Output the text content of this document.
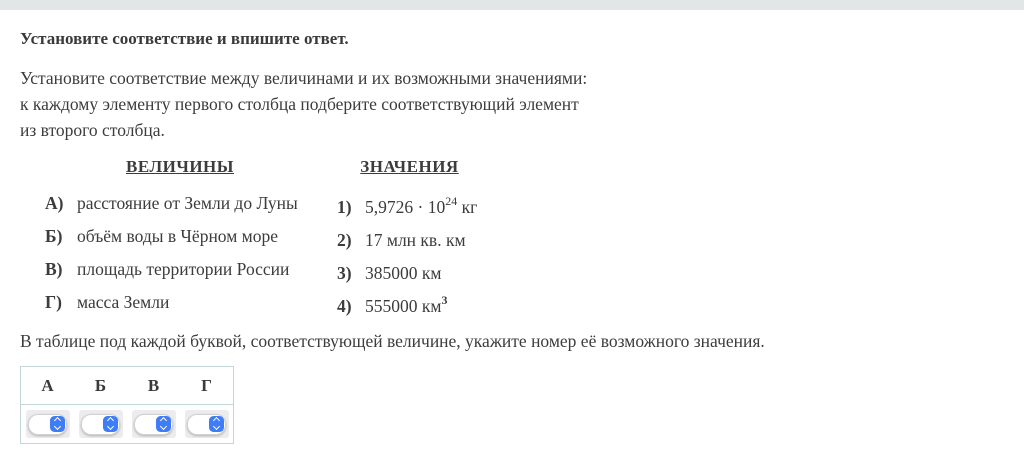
Установите соответствие и впишите ответ.
Установите соответствие между величинами и их возможными значениями:
к каждому элементу первого столбца подберите соответствующий элемент
из второго столбца.
ВЕЛИЧИНЫ
А) расстояние от Земли до Луны
Б) объём воды в Чёрном море
В) площадь территории России
Г) масса Земли
ЗНАЧЕНИЯ
1) $5,9726 \cdot 10^{24}$ кг
2) 17 млн кв. км
3) 385000 км
4) 555000 $км^3$
В таблице под каждой буквой, соответствующей величине, укажите номер её возможного значения.
А	Б	В	Г
